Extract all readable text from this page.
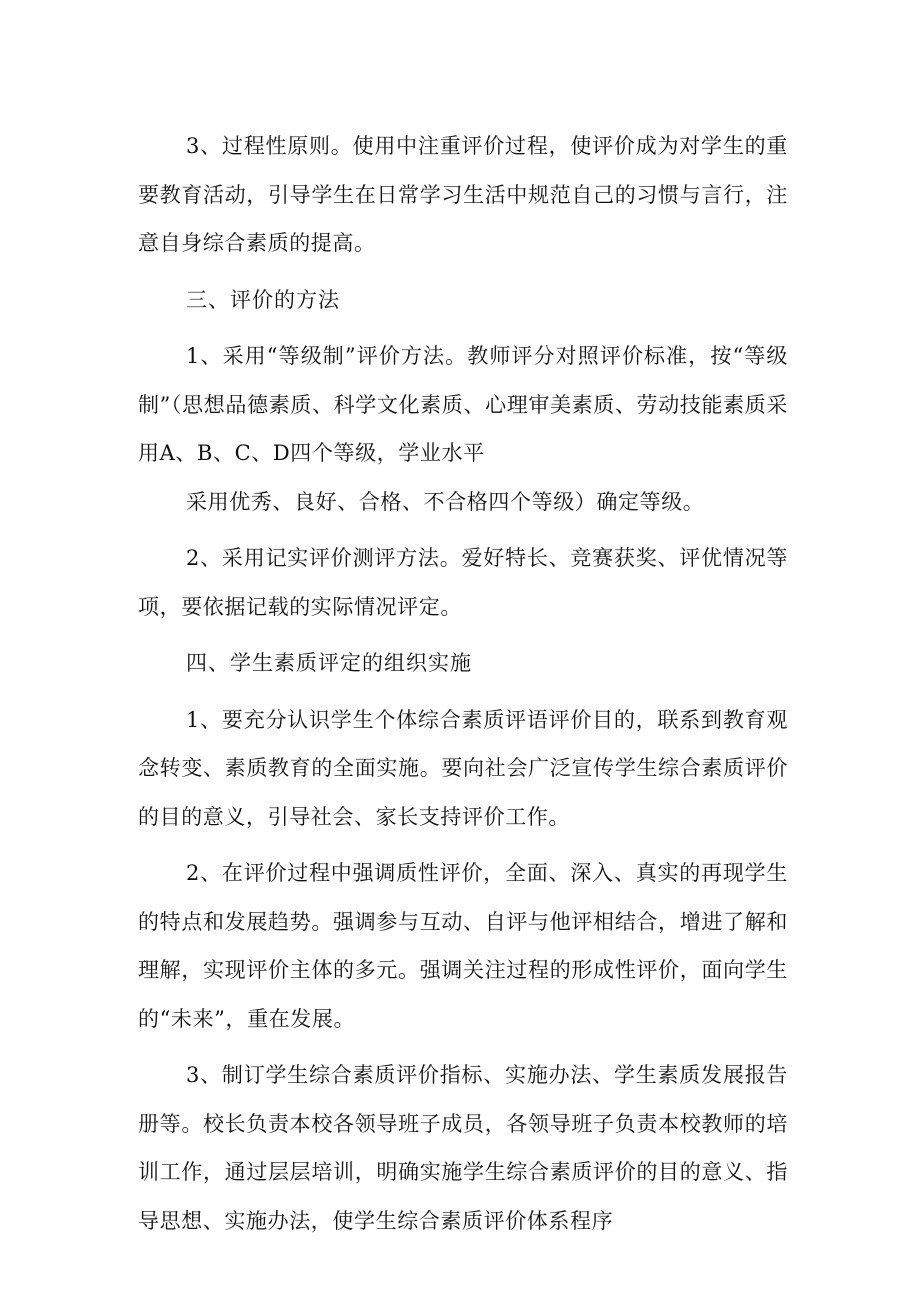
3、过程性原则。使用中注重评价过程，使评价成为对学生的重要教育活动，引导学生在日常学习生活中规范自己的习惯与言行，注意自身综合素质的提高。

三、评价的方法

1、采用“等级制”评价方法。教师评分对照评价标准，按“等级制”（思想品德素质、科学文化素质、心理审美素质、劳动技能素质采用A、B、C、D四个等级，学业水平

采用优秀、良好、合格、不合格四个等级）确定等级。

2、采用记实评价测评方法。爱好特长、竞赛获奖、评优情况等项，要依据记载的实际情况评定。

四、学生素质评定的组织实施

1、要充分认识学生个体综合素质评语评价目的，联系到教育观念转变、素质教育的全面实施。要向社会广泛宣传学生综合素质评价的目的意义，引导社会、家长支持评价工作。

2、在评价过程中强调质性评价，全面、深入、真实的再现学生的特点和发展趋势。强调参与互动、自评与他评相结合，增进了解和理解，实现评价主体的多元。强调关注过程的形成性评价，面向学生的“未来”，重在发展。

3、制订学生综合素质评价指标、实施办法、学生素质发展报告册等。校长负责本校各领导班子成员，各领导班子负责本校教师的培训工作，通过层层培训，明确实施学生综合素质评价的目的意义、指导思想、实施办法，使学生综合素质评价体系程序
